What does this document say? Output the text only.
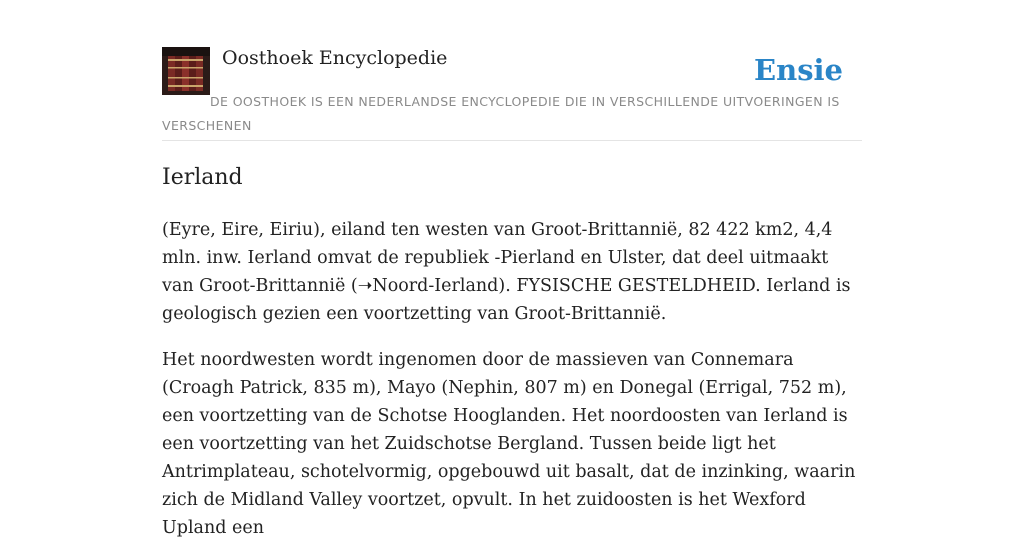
Oosthoek Encyclopedie	Ensie
DE OOSTHOEK IS EEN NEDERLANDSE ENCYCLOPEDIE DIE IN VERSCHILLENDE UITVOERINGEN IS VERSCHENEN
Ierland

(Eyre, Eire, Eiriu), eiland ten westen van Groot-Brittannië, 82 422 km2, 4,4 mln. inw. Ierland omvat de republiek -Pierland en Ulster, dat deel uitmaakt van Groot-Brittannië (➝Noord-Ierland). FYSISCHE GESTELDHEID. Ierland is geologisch gezien een voortzetting van Groot-Brittannië.

Het noordwesten wordt ingenomen door de massieven van Connemara (Croagh Patrick, 835 m), Mayo (Nephin, 807 m) en Donegal (Errigal, 752 m), een voortzetting van de Schotse Hooglanden. Het noordoosten van Ierland is een voortzetting van het Zuidschotse Bergland. Tussen beide ligt het Antrimplateau, schotelvormig, opgebouwd uit basalt, dat de inzinking, waarin zich de Midland Valley voortzet, opvult. In het zuidoosten is het Wexford Upland een
